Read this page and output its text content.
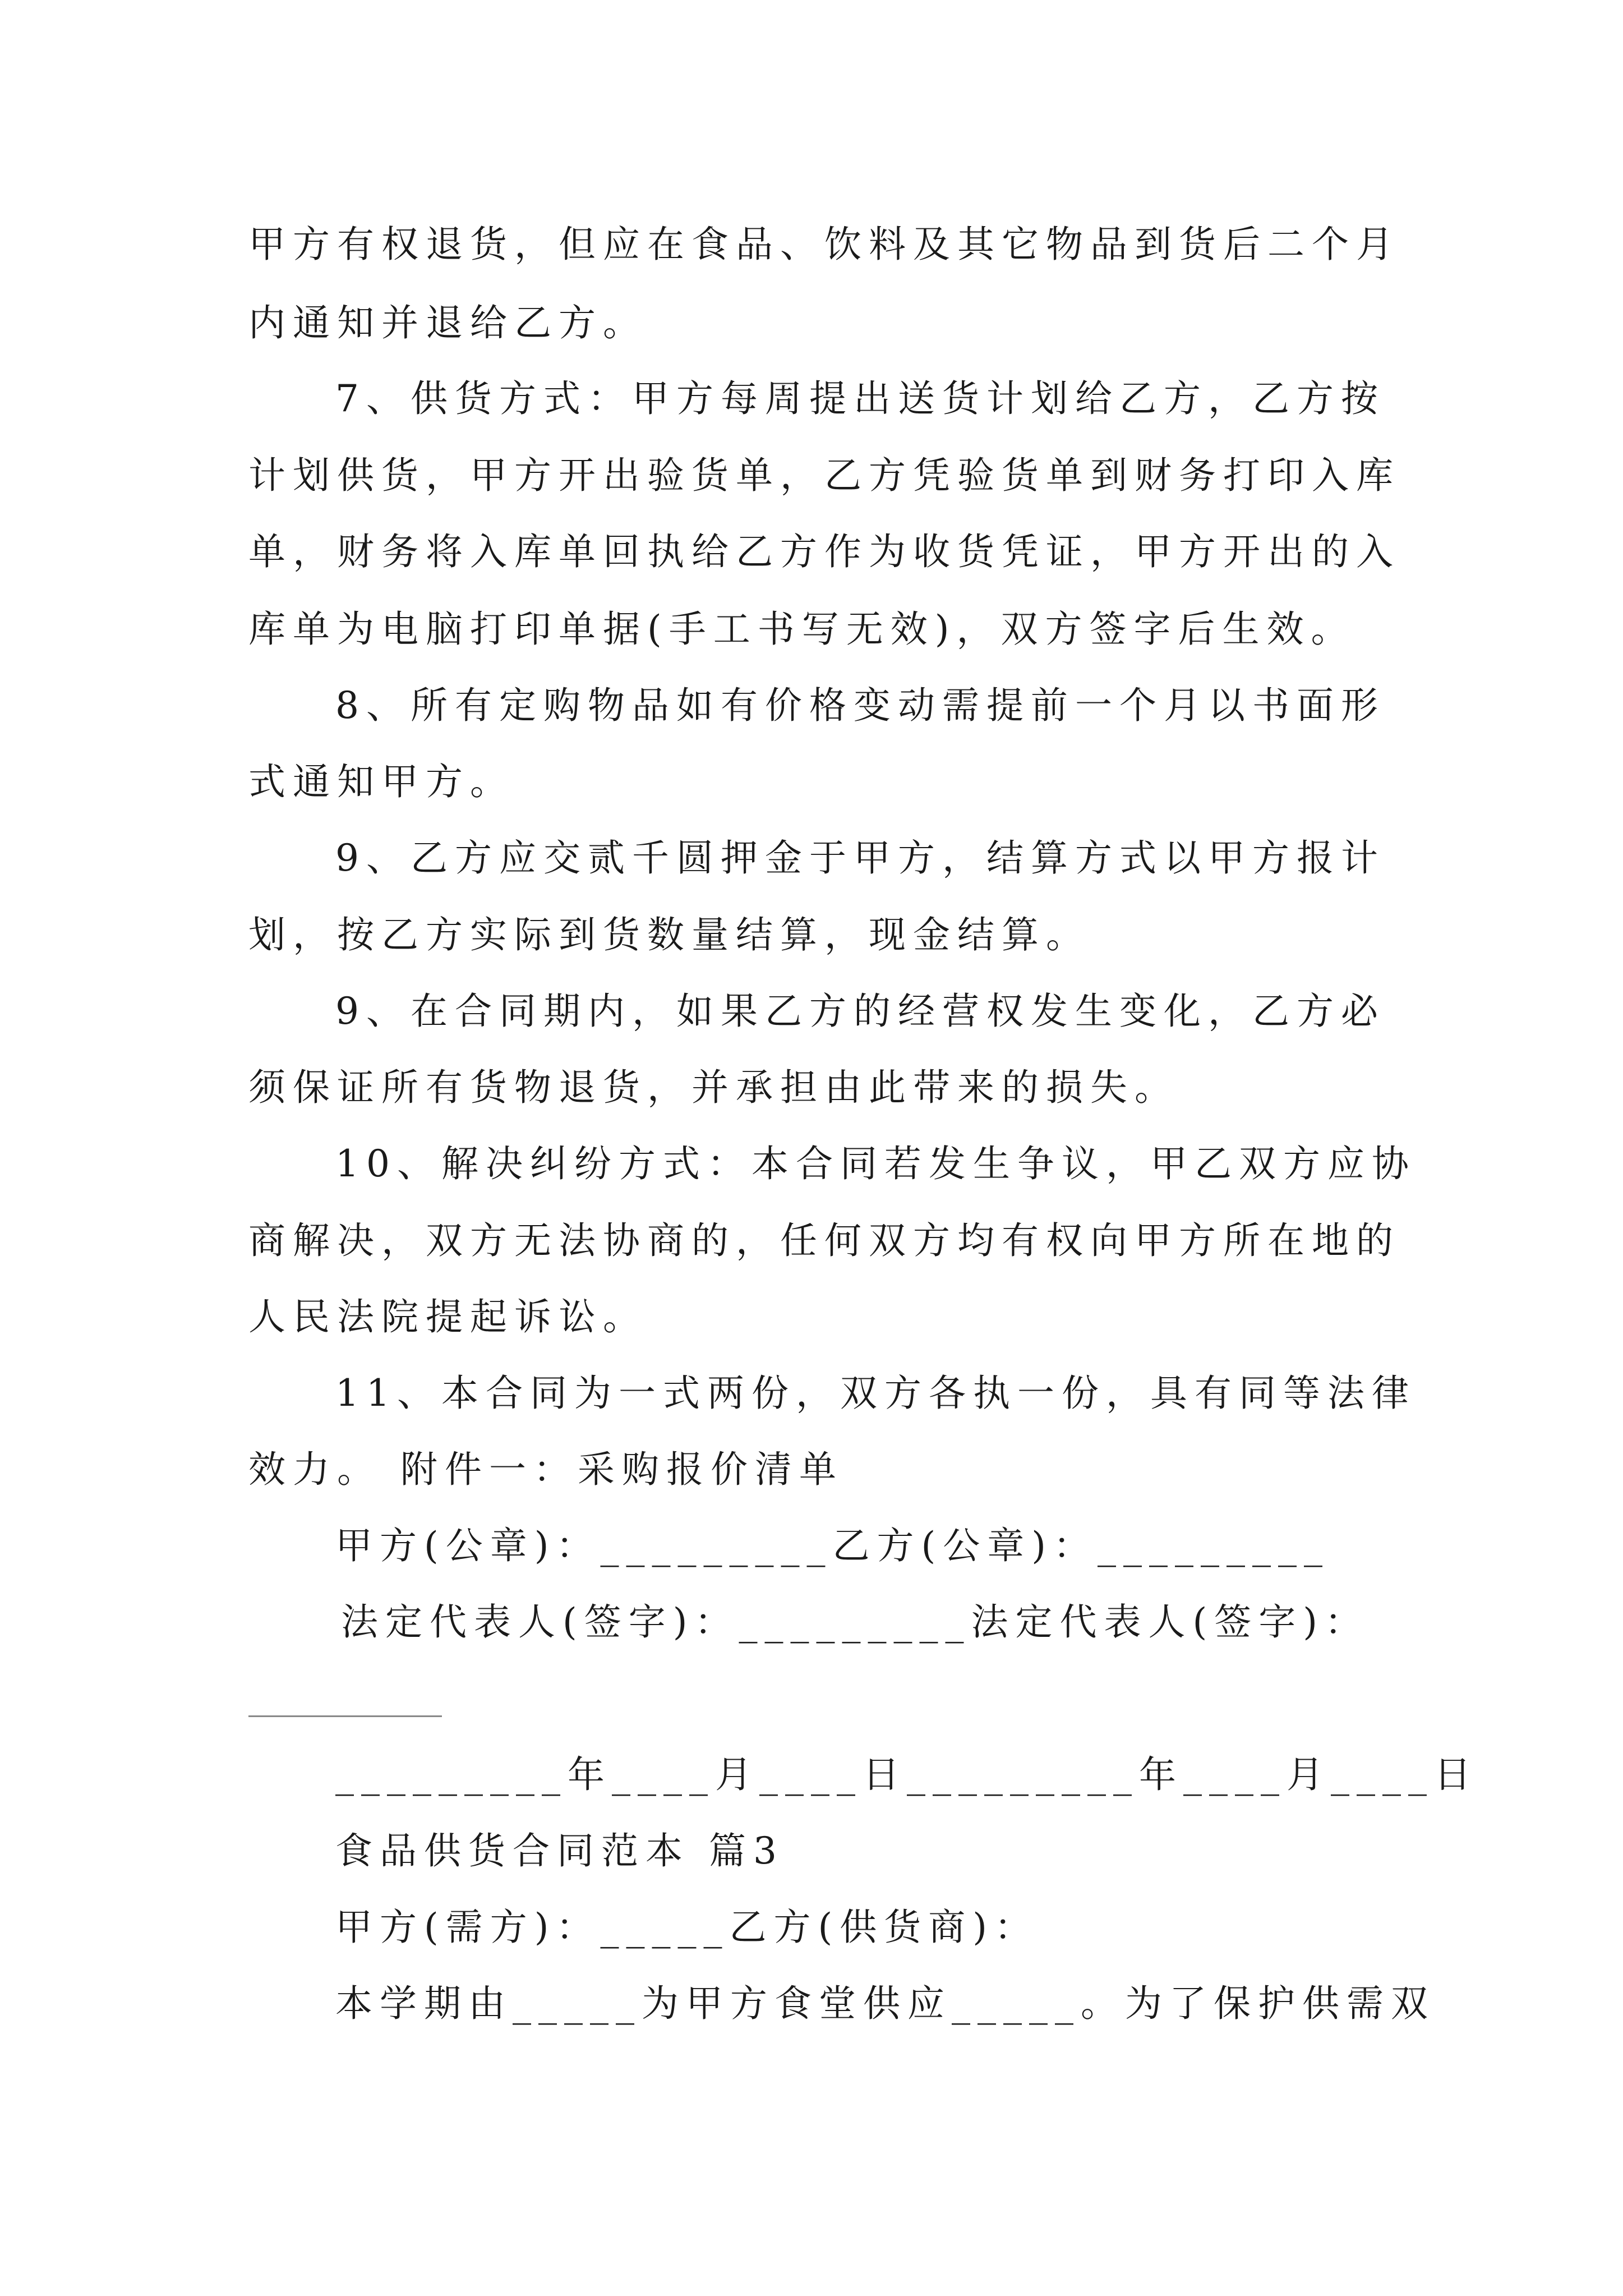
甲方有权退货，但应在食品、饮料及其它物品到货后二个月
内通知并退给乙方。
7、供货方式：甲方每周提出送货计划给乙方，乙方按
计划供货，甲方开出验货单，乙方凭验货单到财务打印入库
单，财务将入库单回执给乙方作为收货凭证，甲方开出的入
库单为电脑打印单据(手工书写无效)，双方签字后生效。
8、所有定购物品如有价格变动需提前一个月以书面形
式通知甲方。
9、乙方应交贰千圆押金于甲方，结算方式以甲方报计
划，按乙方实际到货数量结算，现金结算。
9、在合同期内，如果乙方的经营权发生变化，乙方必
须保证所有货物退货，并承担由此带来的损失。
10、解决纠纷方式：本合同若发生争议，甲乙双方应协
商解决，双方无法协商的，任何双方均有权向甲方所在地的
人民法院提起诉讼。
11、本合同为一式两份，双方各执一份，具有同等法律
效力。 附件一：采购报价清单
甲方(公章)：_________乙方(公章)：_________
法定代表人(签字)：_________法定代表人(签字)：
_________年____月____日_________年____月____日
食品供货合同范本 篇3
甲方(需方)：_____乙方(供货商)：
本学期由_____为甲方食堂供应_____。为了保护供需双
